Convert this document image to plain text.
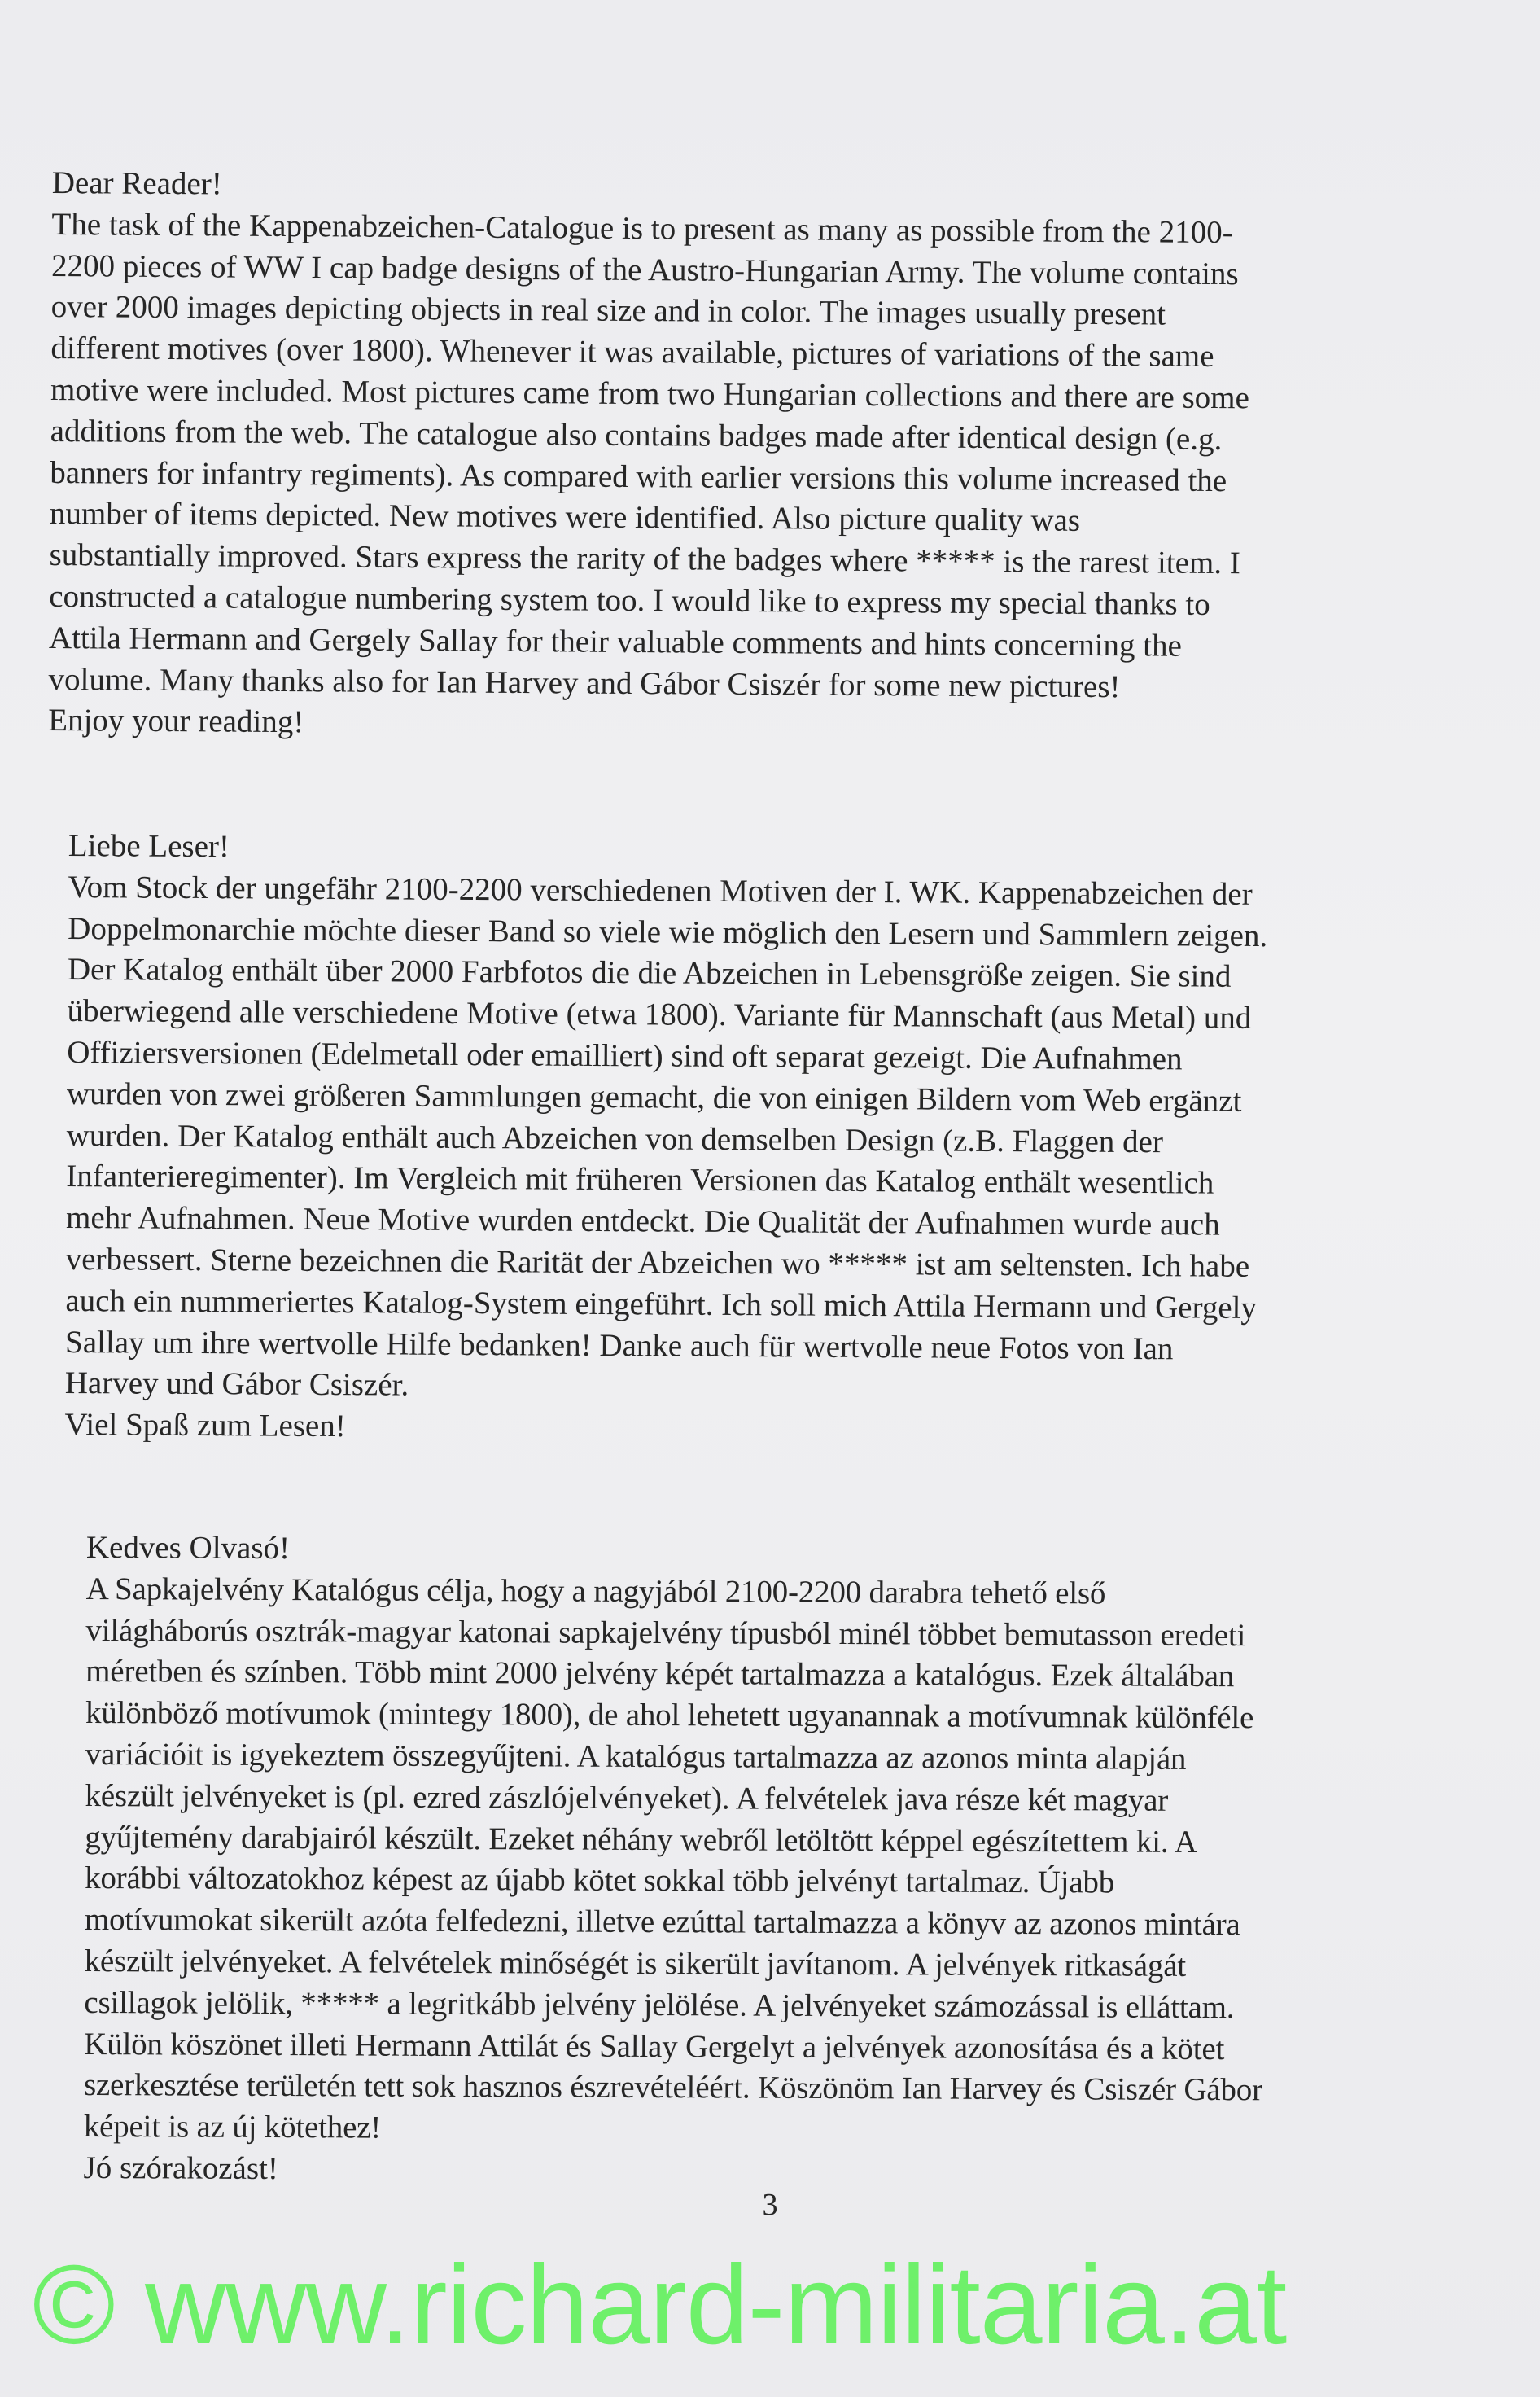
Dear Reader!

The task of the Kappenabzeichen-Catalogue is to present as many as possible from the 2100-

2200 pieces of WW I cap badge designs of the Austro-Hungarian Army. The volume contains

over 2000 images depicting objects in real size and in color. The images usually present

different motives (over 1800). Whenever it was available, pictures of variations of the same

motive were included. Most pictures came from two Hungarian collections and there are some

additions from the web. The catalogue also contains badges made after identical design (e.g.

banners for infantry regiments). As compared with earlier versions this volume increased the

number of items depicted. New motives were identified. Also picture quality was

substantially improved. Stars express the rarity of the badges where ***** is the rarest item. I

constructed a catalogue numbering system too. I would like to express my special thanks to

Attila Hermann and Gergely Sallay for their valuable comments and hints concerning the

volume. Many thanks also for Ian Harvey and Gábor Csiszér for some new pictures!

Enjoy your reading!

Liebe Leser!

Vom Stock der ungefähr 2100-2200 verschiedenen Motiven der I. WK. Kappenabzeichen der

Doppelmonarchie möchte dieser Band so viele wie möglich den Lesern und Sammlern zeigen.

Der Katalog enthält über 2000 Farbfotos die die Abzeichen in Lebensgröße zeigen. Sie sind

überwiegend alle verschiedene Motive (etwa 1800). Variante für Mannschaft (aus Metal) und

Offiziersversionen (Edelmetall oder emailliert) sind oft separat gezeigt. Die Aufnahmen

wurden von zwei größeren Sammlungen gemacht, die von einigen Bildern vom Web ergänzt

wurden. Der Katalog enthält auch Abzeichen von demselben Design (z.B. Flaggen der

Infanterieregimenter). Im Vergleich mit früheren Versionen das Katalog enthält wesentlich

mehr Aufnahmen. Neue Motive wurden entdeckt. Die Qualität der Aufnahmen wurde auch

verbessert. Sterne bezeichnen die Rarität der Abzeichen wo ***** ist am seltensten. Ich habe

auch ein nummeriertes Katalog-System eingeführt. Ich soll mich Attila Hermann und Gergely

Sallay um ihre wertvolle Hilfe bedanken! Danke auch für wertvolle neue Fotos von Ian

Harvey und Gábor Csiszér.

Viel Spaß zum Lesen!

Kedves Olvasó!

A Sapkajelvény Katalógus célja, hogy a nagyjából 2100-2200 darabra tehető első

világháborús osztrák-magyar katonai sapkajelvény típusból minél többet bemutasson eredeti

méretben és színben. Több mint 2000 jelvény képét tartalmazza a katalógus. Ezek általában

különböző motívumok (mintegy 1800), de ahol lehetett ugyanannak a motívumnak különféle

variációit is igyekeztem összegyűjteni. A katalógus tartalmazza az azonos minta alapján

készült jelvényeket is (pl. ezred zászlójelvényeket). A felvételek java része két magyar

gyűjtemény darabjairól készült. Ezeket néhány webről letöltött képpel egészítettem ki. A

korábbi változatokhoz képest az újabb kötet sokkal több jelvényt tartalmaz. Újabb

motívumokat sikerült azóta felfedezni, illetve ezúttal tartalmazza a könyv az azonos mintára

készült jelvényeket. A felvételek minőségét is sikerült javítanom. A jelvények ritkaságát

csillagok jelölik, ***** a legritkább jelvény jelölése. A jelvényeket számozással is elláttam.

Külön köszönet illeti Hermann Attilát és Sallay Gergelyt a jelvények azonosítása és a kötet

szerkesztése területén tett sok hasznos észrevételéért. Köszönöm Ian Harvey és Csiszér Gábor

képeit is az új kötethez!

Jó szórakozást!

3
© www.richard-militaria.at
